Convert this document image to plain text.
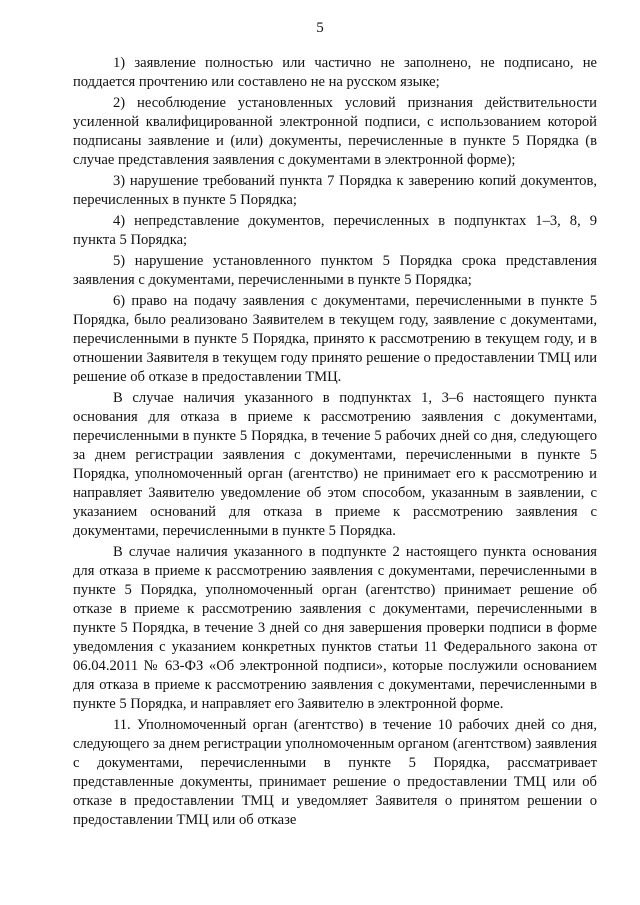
5

1) заявление полностью или частично не заполнено, не подписано, не поддается прочтению или составлено не на русском языке;

2) несоблюдение установленных условий признания действительности усиленной квалифицированной электронной подписи, с использованием которой подписаны заявление и (или) документы, перечисленные в пункте 5 Порядка (в случае представления заявления с документами в электронной форме);

3) нарушение требований пункта 7 Порядка к заверению копий документов, перечисленных в пункте 5 Порядка;

4) непредставление документов, перечисленных в подпунктах 1–3, 8, 9 пункта 5 Порядка;

5) нарушение установленного пунктом 5 Порядка срока представления заявления с документами, перечисленными в пункте 5 Порядка;

6) право на подачу заявления с документами, перечисленными в пункте 5 Порядка, было реализовано Заявителем в текущем году, заявление с документами, перечисленными в пункте 5 Порядка, принято к рассмотрению в текущем году, и в отношении Заявителя в текущем году принято решение о предоставлении ТМЦ или решение об отказе в предоставлении ТМЦ.

В случае наличия указанного в подпунктах 1, 3–6 настоящего пункта основания для отказа в приеме к рассмотрению заявления с документами, перечисленными в пункте 5 Порядка, в течение 5 рабочих дней со дня, следующего за днем регистрации заявления с документами, перечисленными в пункте 5 Порядка, уполномоченный орган (агентство) не принимает его к рассмотрению и направляет Заявителю уведомление об этом способом, указанным в заявлении, с указанием оснований для отказа в приеме к рассмотрению заявления с документами, перечисленными в пункте 5 Порядка.

В случае наличия указанного в подпункте 2 настоящего пункта основания для отказа в приеме к рассмотрению заявления с документами, перечисленными в пункте 5 Порядка, уполномоченный орган (агентство) принимает решение об отказе в приеме к рассмотрению заявления с документами, перечисленными в пункте 5 Порядка, в течение 3 дней со дня завершения проверки подписи в форме уведомления с указанием конкретных пунктов статьи 11 Федерального закона от 06.04.2011 № 63-ФЗ «Об электронной подписи», которые послужили основанием для отказа в приеме к рассмотрению заявления с документами, перечисленными в пункте 5 Порядка, и направляет его Заявителю в электронной форме.

11. Уполномоченный орган (агентство) в течение 10 рабочих дней со дня, следующего за днем регистрации уполномоченным органом (агентством) заявления с документами, перечисленными в пункте 5 Порядка, рассматривает представленные документы, принимает решение о предоставлении ТМЦ или об отказе в предоставлении ТМЦ и уведомляет Заявителя о принятом решении о предоставлении ТМЦ или об отказе
